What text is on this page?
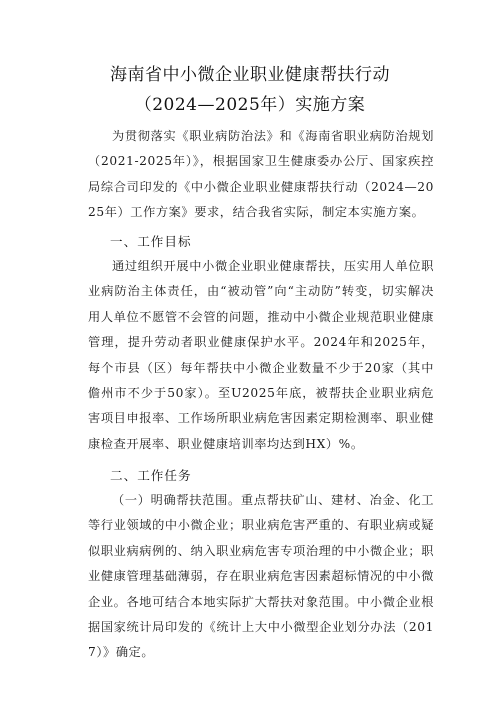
海南省中小微企业职业健康帮扶行动
（2024—2025年）实施方案
为贯彻落实《职业病防治法》和《海南省职业病防治规划（2021-2025年）》，根据国家卫生健康委办公厅、国家疾控局综合司印发的《中小微企业职业健康帮扶行动（2024—2025年）工作方案》要求，结合我省实际，制定本实施方案。
一、工作目标
通过组织开展中小微企业职业健康帮扶，压实用人单位职业病防治主体责任，由“被动管”向“主动防”转变，切实解决用人单位不愿管不会管的问题，推动中小微企业规范职业健康管理，提升劳动者职业健康保护水平。2024年和2025年，每个市县（区）每年帮扶中小微企业数量不少于20家（其中儋州市不少于50家）。至U2025年底，被帮扶企业职业病危害项目申报率、工作场所职业病危害因素定期检测率、职业健康检查开展率、职业健康培训率均达到HX）%。
二、工作任务
（一）明确帮扶范围。重点帮扶矿山、建材、冶金、化工等行业领域的中小微企业；职业病危害严重的、有职业病或疑似职业病病例的、纳入职业病危害专项治理的中小微企业；职业健康管理基础薄弱，存在职业病危害因素超标情况的中小微企业。各地可结合本地实际扩大帮扶对象范围。中小微企业根据国家统计局印发的《统计上大中小微型企业划分办法（2017）》确定。
